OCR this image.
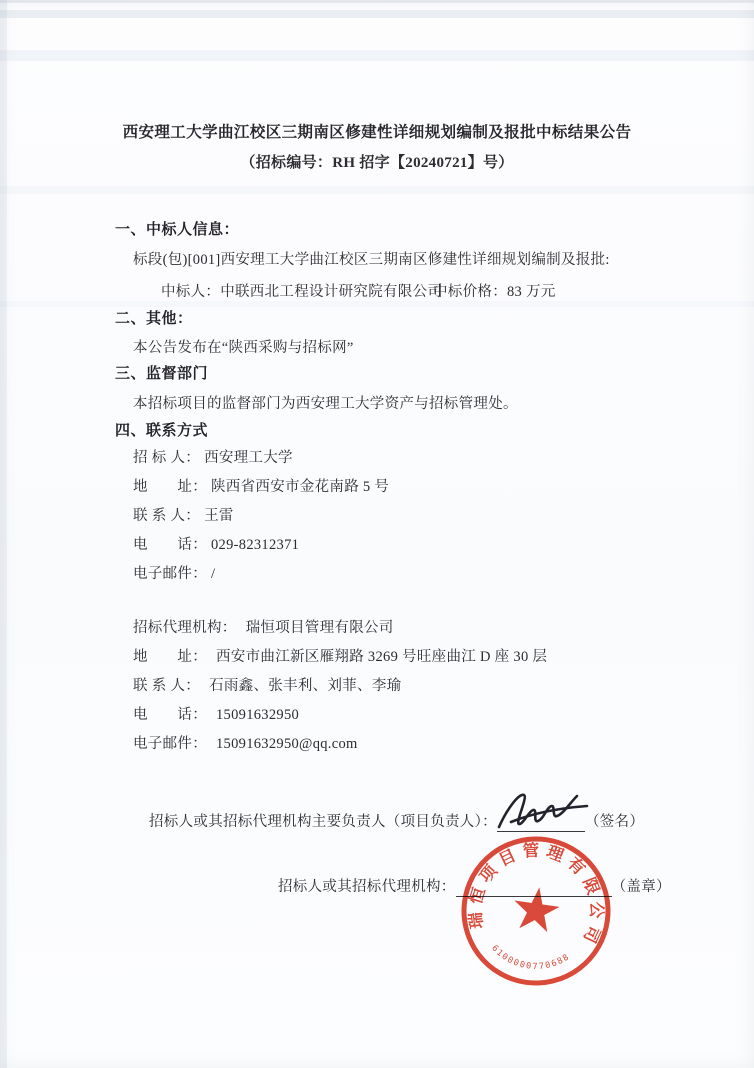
西安理工大学曲江校区三期南区修建性详细规划编制及报批中标结果公告
（招标编号：RH 招字【20240721】号）
一、中标人信息：
标段(包)[001]西安理工大学曲江校区三期南区修建性详细规划编制及报批:
中标人：中联西北工程设计研究院有限公司
中标价格：83 万元
二、其他：
本公告发布在“陕西采购与招标网”
三、监督部门
本招标项目的监督部门为西安理工大学资产与招标管理处。
四、联系方式
招 标 人： 西安理工大学
地　　址： 陕西省西安市金花南路 5 号
联 系 人： 王雷
电　　话： 029-82312371
电子邮件： /
招标代理机构： 瑞恒项目管理有限公司
地　　址： 西安市曲江新区雁翔路 3269 号旺座曲江 D 座 30 层
联 系 人： 石雨鑫、张丰利、刘菲、李瑜
电　　话： 15091632950
电子邮件： 15091632950@qq.com
招标人或其招标代理机构主要负责人（项目负责人）：	（签名）
招标人或其招标代理机构：	（盖章）
瑞恒项目管理有限公司
6100000770688
